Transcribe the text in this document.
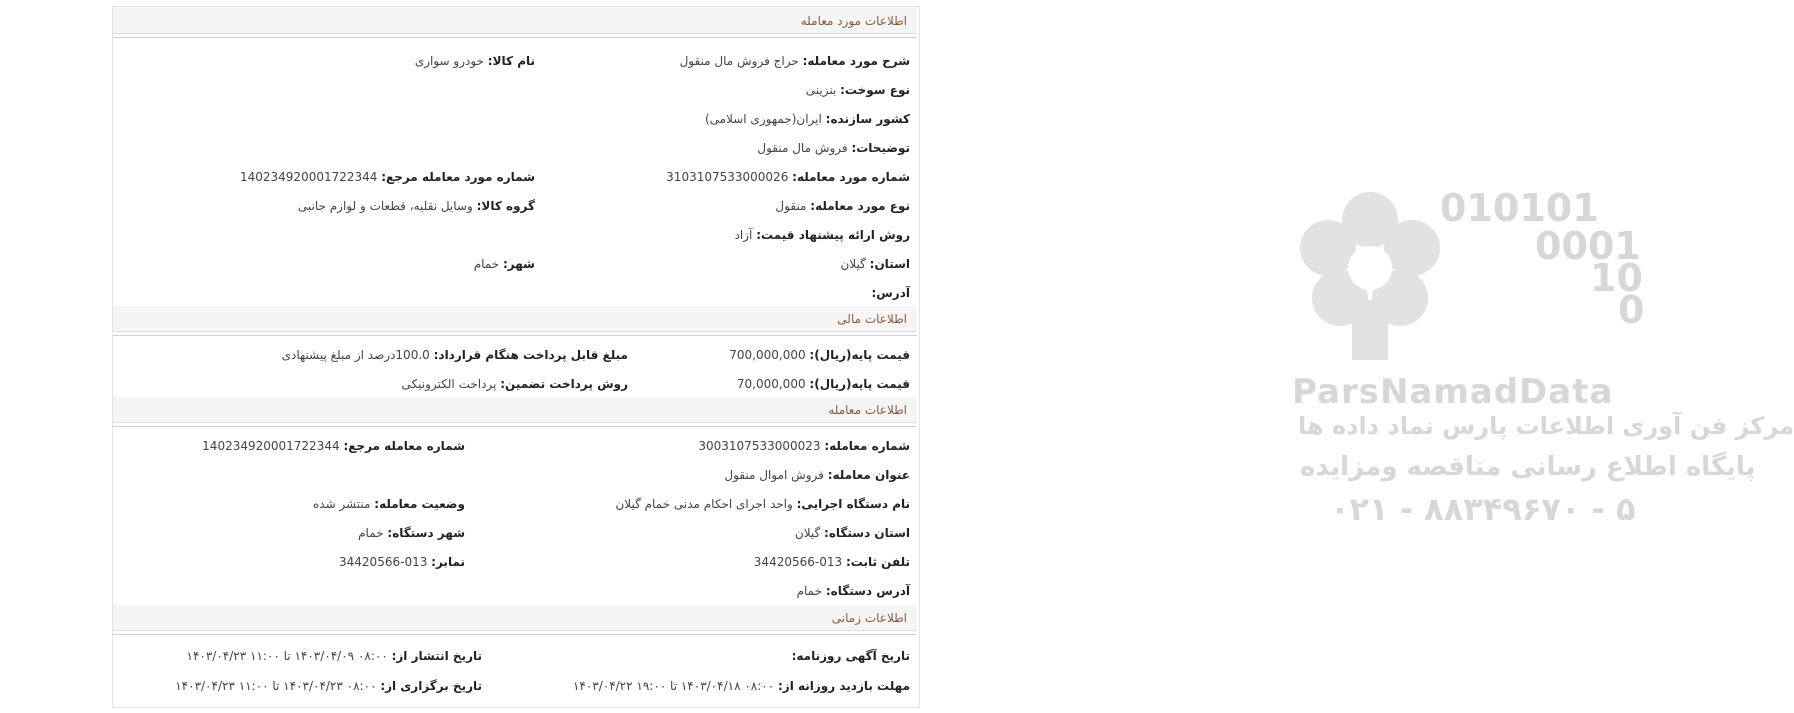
010101
0001
10
0
ParsNamadData
مرکز فن آوری اطلاعات پارس نماد داده ها
پایگاه اطلاع رسانی مناقصه ومزایده
۰۲۱ - ۸۸۳۴۹۶۷۰ - ۵
اطلاعات مورد معامله
شرح مورد معامله: حراج فروش مال منقول
نام کالا: خودرو سواری
نوع سوخت: بنزینی
کشور سازنده: ایران(جمهوری اسلامی)
توضیحات: فروش مال منقول
شماره مورد معامله: 3103107533000026
شماره مورد معامله مرجع: 140234920001722344
نوع مورد معامله: منقول
گروه کالا: وسایل نقلیه، قطعات و لوازم جانبی
روش ارائه پیشنهاد قیمت: آزاد
استان: گیلان
شهر: خمام
آدرس:
اطلاعات مالی
قیمت پایه(ریال): 700,000,000
مبلغ قابل پرداخت هنگام قرارداد: 100.0درصد از مبلغ پیشنهادی
قیمت پایه(ریال): 70,000,000
روش پرداخت تضمین: پرداخت الکترونیکی
اطلاعات معامله
شماره معامله: 3003107533000023
شماره معامله مرجع: 140234920001722344
عنوان معامله: فروش اموال منقول
نام دستگاه اجرایی: واحد اجرای احکام مدنی خمام گیلان
وضعیت معامله: منتشر شده
استان دستگاه: گیلان
شهر دستگاه: خمام
تلفن ثابت: 013-34420566
نمابر: 013-34420566
آدرس دستگاه: خمام
اطلاعات زمانی
تاریخ آگهی روزنامه:
تاریخ انتشار از: ۰۸:۰۰ ۱۴۰۳/۰۴/۰۹ تا ۱۱:۰۰ ۱۴۰۳/۰۴/۲۳
مهلت بازدید روزانه از: ۰۸:۰۰ ۱۴۰۳/۰۴/۱۸ تا ۱۹:۰۰ ۱۴۰۳/۰۴/۲۲
تاریخ برگزاری از: ۰۸:۰۰ ۱۴۰۳/۰۴/۲۳ تا ۱۱:۰۰ ۱۴۰۳/۰۴/۲۳
